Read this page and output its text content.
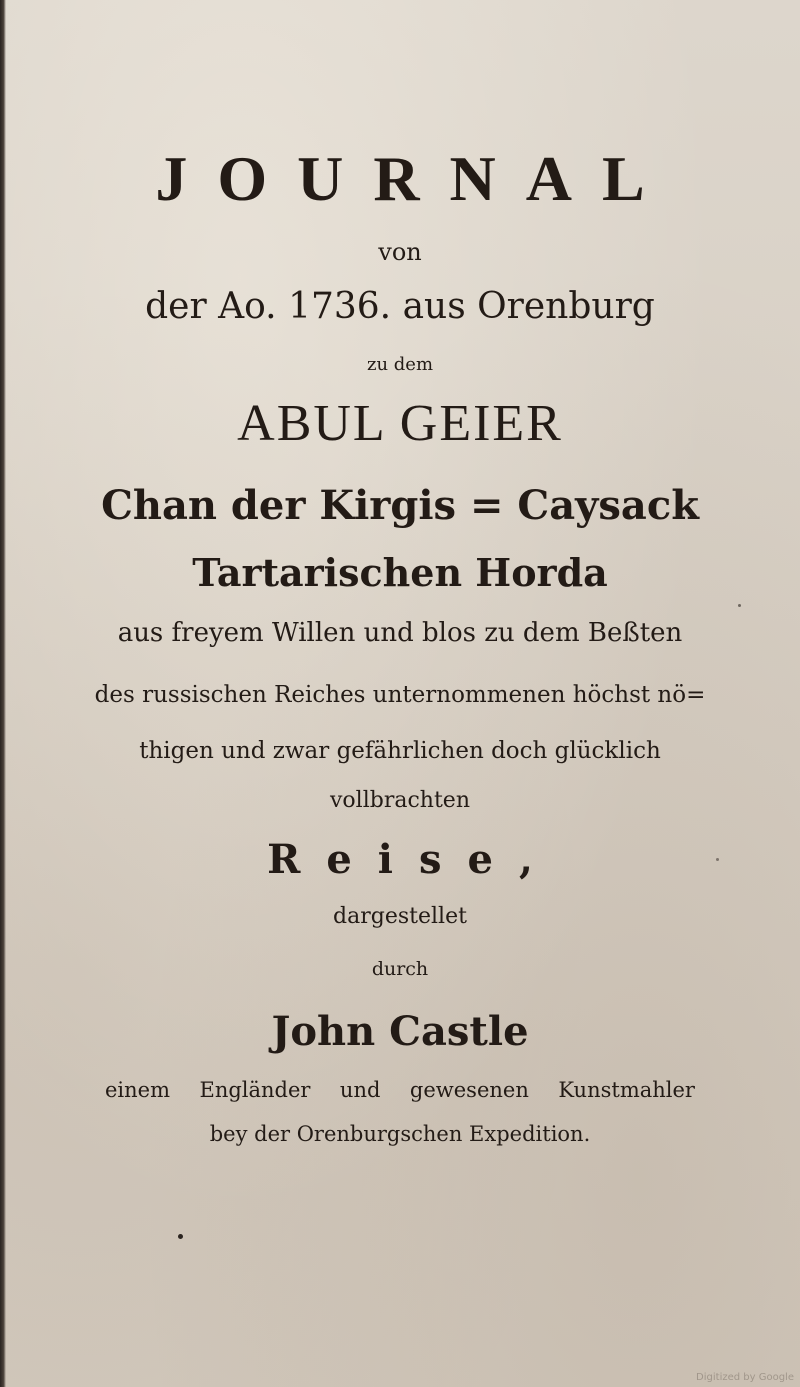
JOURNAL
von
der Ao. 1736. aus Orenburg
zu dem
ABUL GEIER
Chan der Kirgis = Caysack
Tartarischen Horda
aus freyem Willen und blos zu dem Beßten
des russischen Reiches unternommenen höchst nö=
thigen und zwar gefährlichen doch glücklich
vollbrachten
Reise,
dargestellet
durch
John Castle
einem Engländer und gewesenen Kunstmahler
bey der Orenburgschen Expedition.
Digitized by Google
